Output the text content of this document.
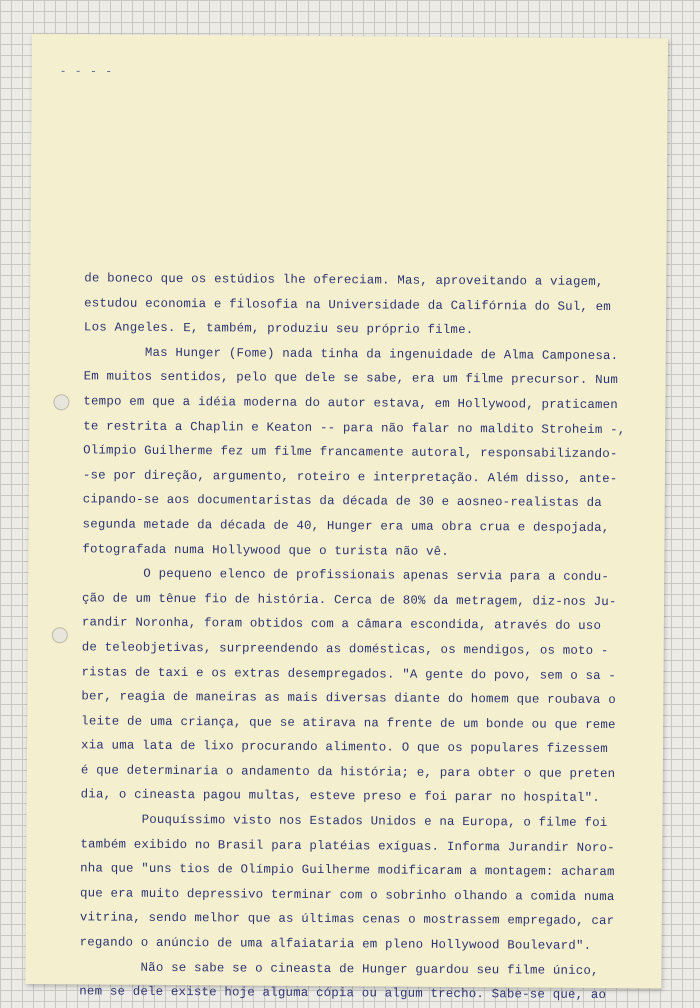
- - - -
de boneco que os estúdios lhe ofereciam. Mas, aproveitando a viagem,
estudou economia e filosofia na Universidade da Califórnia do Sul, em
Los Angeles. E, também, produziu seu próprio filme.
Mas Hunger (Fome) nada tinha da ingenuidade de Alma Camponesa.
Em muitos sentidos, pelo que dele se sabe, era um filme precursor. Num
tempo em que a idéia moderna do autor estava, em Hollywood, praticamen
te restrita a Chaplin e Keaton -- para não falar no maldito Stroheim -,
Olímpio Guilherme fez um filme francamente autoral, responsabilizando-
-se por direção, argumento, roteiro e interpretação. Além disso, ante-
cipando-se aos documentaristas da década de 30 e aosneo-realistas da
segunda metade da década de 40, Hunger era uma obra crua e despojada,
fotografada numa Hollywood que o turista não vê.
O pequeno elenco de profissionais apenas servia para a condu-
ção de um tênue fio de história. Cerca de 80% da metragem, diz-nos Ju-
randir Noronha, foram obtidos com a câmara escondida, através do uso
de teleobjetivas, surpreendendo as domésticas, os mendigos, os moto -
ristas de taxi e os extras desempregados. "A gente do povo, sem o sa -
ber, reagia de maneiras as mais diversas diante do homem que roubava o
leite de uma criança, que se atirava na frente de um bonde ou que reme
xia uma lata de lixo procurando alimento. O que os populares fizessem
é que determinaria o andamento da história; e, para obter o que preten
dia, o cineasta pagou multas, esteve preso e foi parar no hospital".
Pouquíssimo visto nos Estados Unidos e na Europa, o filme foi
também exibido no Brasil para platéias exíguas. Informa Jurandir Noro-
nha que "uns tios de Olímpio Guilherme modificaram a montagem: acharam
que era muito depressivo terminar com o sobrinho olhando a comida numa
vitrina, sendo melhor que as últimas cenas o mostrassem empregado, car
regando o anúncio de uma alfaiataria em pleno Hollywood Boulevard".
Não se sabe se o cineasta de Hunger guardou seu filme único,
nem se dele existe hoje alguma cópia ou algum trecho. Sabe-se que, ao
